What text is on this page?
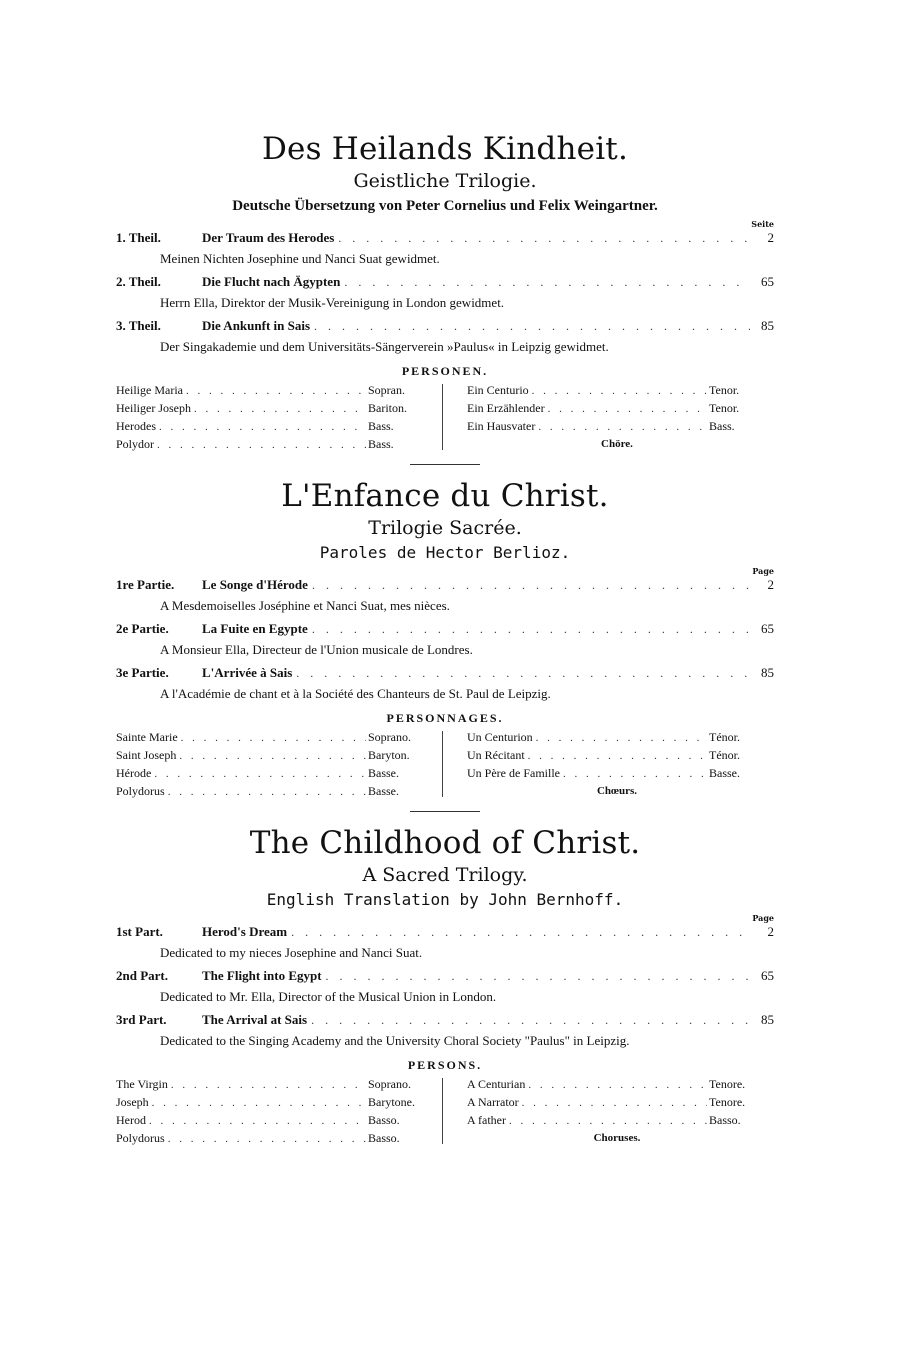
Des Heilands Kindheit.
Geistliche Trilogie.
Deutsche Übersetzung von Peter Cornelius und Felix Weingartner.
Seite
1. Theil.	Der Traum des Herodes . . .	2
Meinen Nichten Josephine und Nanci Suat gewidmet.
2. Theil.	Die Flucht nach Ägypten . . .	65
Herrn Ella, Direktor der Musik-Vereinigung in London gewidmet.
3. Theil.	Die Ankunft in Sais . . .	85
Der Singakademie und dem Universitäts-Sängerverein »Paulus« in Leipzig gewidmet.
PERSONEN.
Heilige Maria . . .	Sopran.
Heiliger Joseph . . .	Bariton.
Herodes . . .	Bass.
Polydor . . .	Bass.
Ein Centurio . . .	Tenor.
Ein Erzählender . . .	Tenor.
Ein Hausvater . . .	Bass.
Chöre.
L'Enfance du Christ.
Trilogie Sacrée.
Paroles de Hector Berlioz.
Page
1re Partie.	Le Songe d'Hérode . . .	2
A Mesdemoiselles Joséphine et Nanci Suat, mes nièces.
2e Partie.	La Fuite en Egypte . . .	65
A Monsieur Ella, Directeur de l'Union musicale de Londres.
3e Partie.	L'Arrivée à Sais . . .	85
A l'Académie de chant et à la Société des Chanteurs de St. Paul de Leipzig.
PERSONNAGES.
Sainte Marie . . .	Soprano.
Saint Joseph . . .	Baryton.
Hérode . . .	Basse.
Polydorus . . .	Basse.
Un Centurion . . .	Ténor.
Un Récitant . . .	Ténor.
Un Père de Famille . . .	Basse.
Chœurs.
The Childhood of Christ.
A Sacred Trilogy.
English Translation by John Bernhoff.
Page
1st Part.	Herod's Dream . . .	2
Dedicated to my nieces Josephine and Nanci Suat.
2nd Part.	The Flight into Egypt . . .	65
Dedicated to Mr. Ella, Director of the Musical Union in London.
3rd Part.	The Arrival at Sais . . .	85
Dedicated to the Singing Academy and the University Choral Society "Paulus" in Leipzig.
PERSONS.
The Virgin . . .	Soprano.
Joseph . . .	Barytone.
Herod . . .	Basso.
Polydorus . . .	Basso.
A Centurian . . .	Tenore.
A Narrator . . .	Tenore.
A father . . .	Basso.
Choruses.
